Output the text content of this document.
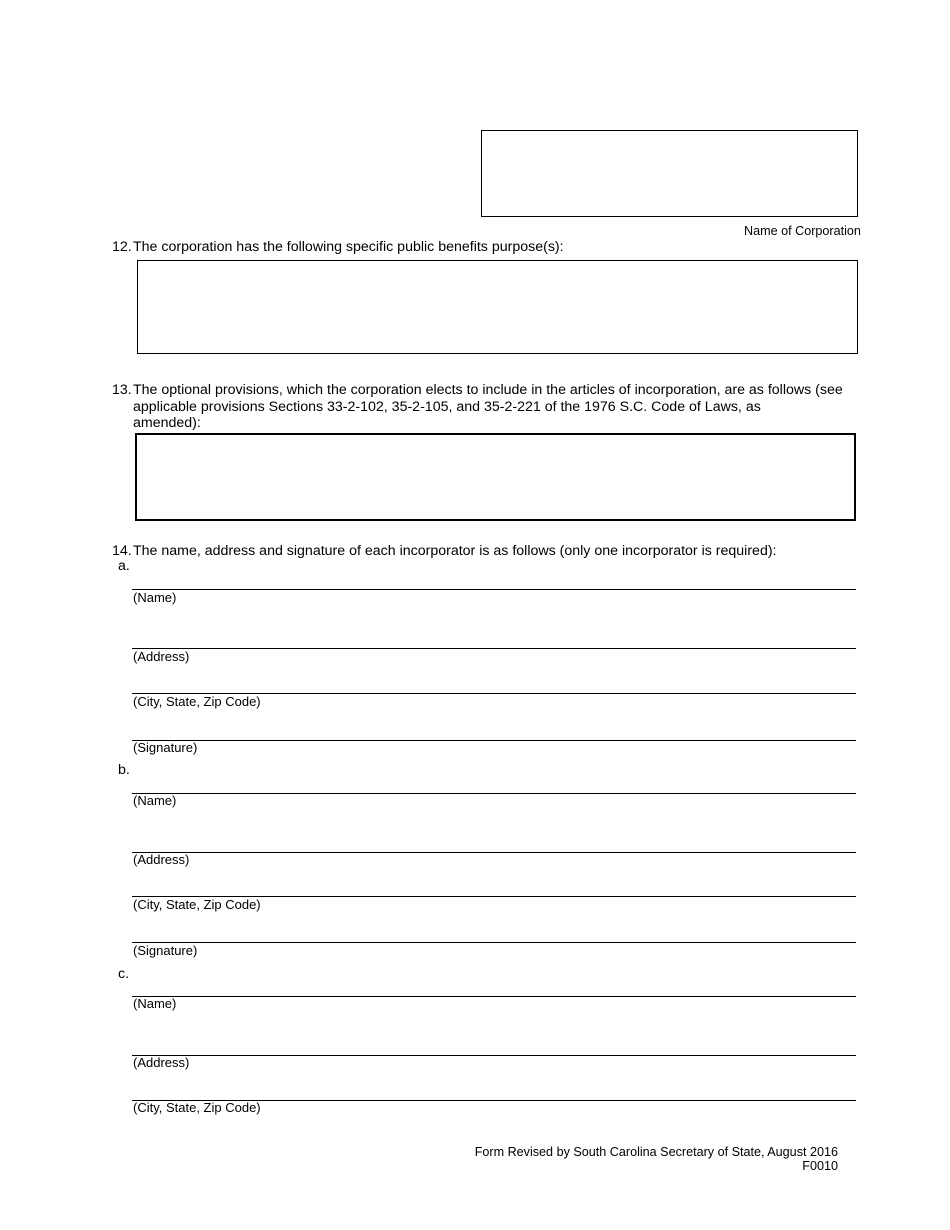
Name of Corporation
12. The corporation has the following specific public benefits purpose(s):
13. The optional provisions, which the corporation elects to include in the articles of incorporation, are as follows (see
applicable provisions Sections 33-2-102, 35-2-105, and 35-2-221 of the 1976 S.C. Code of Laws, as
amended):
14. The name, address and signature of each incorporator is as follows (only one incorporator is required):
a.
(Name)
(Address)
(City, State, Zip Code)
(Signature)
b.
(Name)
(Address)
(City, State, Zip Code)
(Signature)
c.
(Name)
(Address)
(City, State, Zip Code)
Form Revised by South Carolina Secretary of State, August 2016
F0010
